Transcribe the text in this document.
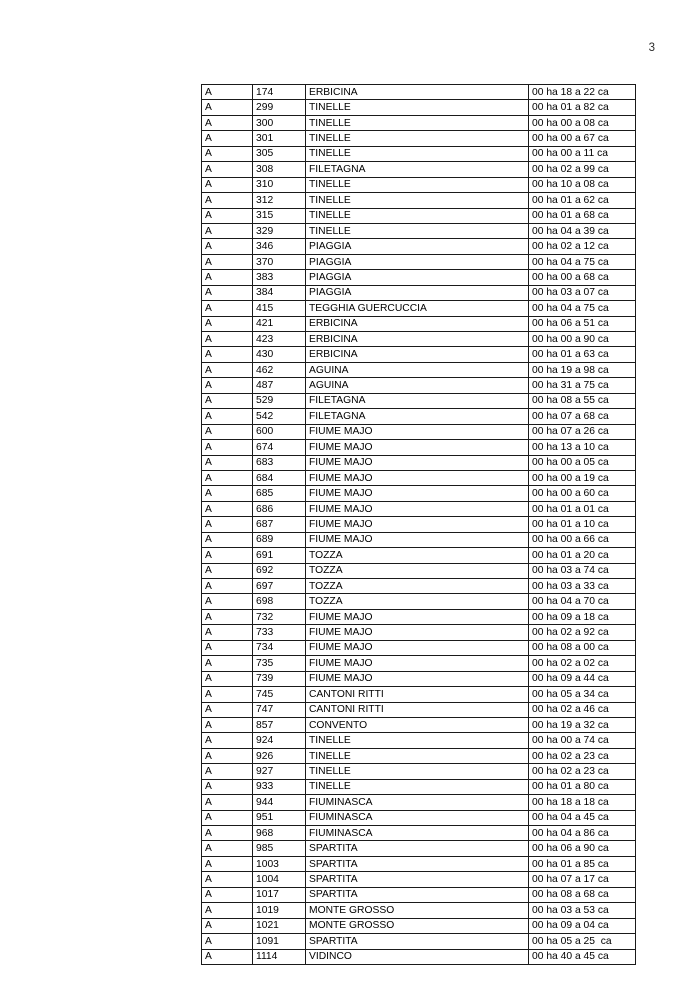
3
A	174	ERBICINA	00 ha 18 a 22 ca
A	299	TINELLE	00 ha 01 a 82 ca
A	300	TINELLE	00 ha 00 a 08 ca
A	301	TINELLE	00 ha 00 a 67 ca
A	305	TINELLE	00 ha 00 a 11 ca
A	308	FILETAGNA	00 ha 02 a 99 ca
A	310	TINELLE	00 ha 10 a 08 ca
A	312	TINELLE	00 ha 01 a 62 ca
A	315	TINELLE	00 ha 01 a 68 ca
A	329	TINELLE	00 ha 04 a 39 ca
A	346	PIAGGIA	00 ha 02 a 12 ca
A	370	PIAGGIA	00 ha 04 a 75 ca
A	383	PIAGGIA	00 ha 00 a 68 ca
A	384	PIAGGIA	00 ha 03 a 07 ca
A	415	TEGGHIA GUERCUCCIA	00 ha 04 a 75 ca
A	421	ERBICINA	00 ha 06 a 51 ca
A	423	ERBICINA	00 ha 00 a 90 ca
A	430	ERBICINA	00 ha 01 a 63 ca
A	462	AGUINA	00 ha 19 a 98 ca
A	487	AGUINA	00 ha 31 a 75 ca
A	529	FILETAGNA	00 ha 08 a 55 ca
A	542	FILETAGNA	00 ha 07 a 68 ca
A	600	FIUME MAJO	00 ha 07 a 26 ca
A	674	FIUME MAJO	00 ha 13 a 10 ca
A	683	FIUME MAJO	00 ha 00 a 05 ca
A	684	FIUME MAJO	00 ha 00 a 19 ca
A	685	FIUME MAJO	00 ha 00 a 60 ca
A	686	FIUME MAJO	00 ha 01 a 01 ca
A	687	FIUME MAJO	00 ha 01 a 10 ca
A	689	FIUME MAJO	00 ha 00 a 66 ca
A	691	TOZZA	00 ha 01 a 20 ca
A	692	TOZZA	00 ha 03 a 74 ca
A	697	TOZZA	00 ha 03 a 33 ca
A	698	TOZZA	00 ha 04 a 70 ca
A	732	FIUME MAJO	00 ha 09 a 18 ca
A	733	FIUME MAJO	00 ha 02 a 92 ca
A	734	FIUME MAJO	00 ha 08 a 00 ca
A	735	FIUME MAJO	00 ha 02 a 02 ca
A	739	FIUME MAJO	00 ha 09 a 44 ca
A	745	CANTONI RITTI	00 ha 05 a 34 ca
A	747	CANTONI RITTI	00 ha 02 a 46 ca
A	857	CONVENTO	00 ha 19 a 32 ca
A	924	TINELLE	00 ha 00 a 74 ca
A	926	TINELLE	00 ha 02 a 23 ca
A	927	TINELLE	00 ha 02 a 23 ca
A	933	TINELLE	00 ha 01 a 80 ca
A	944	FIUMINASCA	00 ha 18 a 18 ca
A	951	FIUMINASCA	00 ha 04 a 45 ca
A	968	FIUMINASCA	00 ha 04 a 86 ca
A	985	SPARTITA	00 ha 06 a 90 ca
A	1003	SPARTITA	00 ha 01 a 85 ca
A	1004	SPARTITA	00 ha 07 a 17 ca
A	1017	SPARTITA	00 ha 08 a 68 ca
A	1019	MONTE GROSSO	00 ha 03 a 53 ca
A	1021	MONTE GROSSO	00 ha 09 a 04 ca
A	1091	SPARTITA	00 ha 05 a 25  ca
A	1114	VIDINCO	00 ha 40 a 45 ca
